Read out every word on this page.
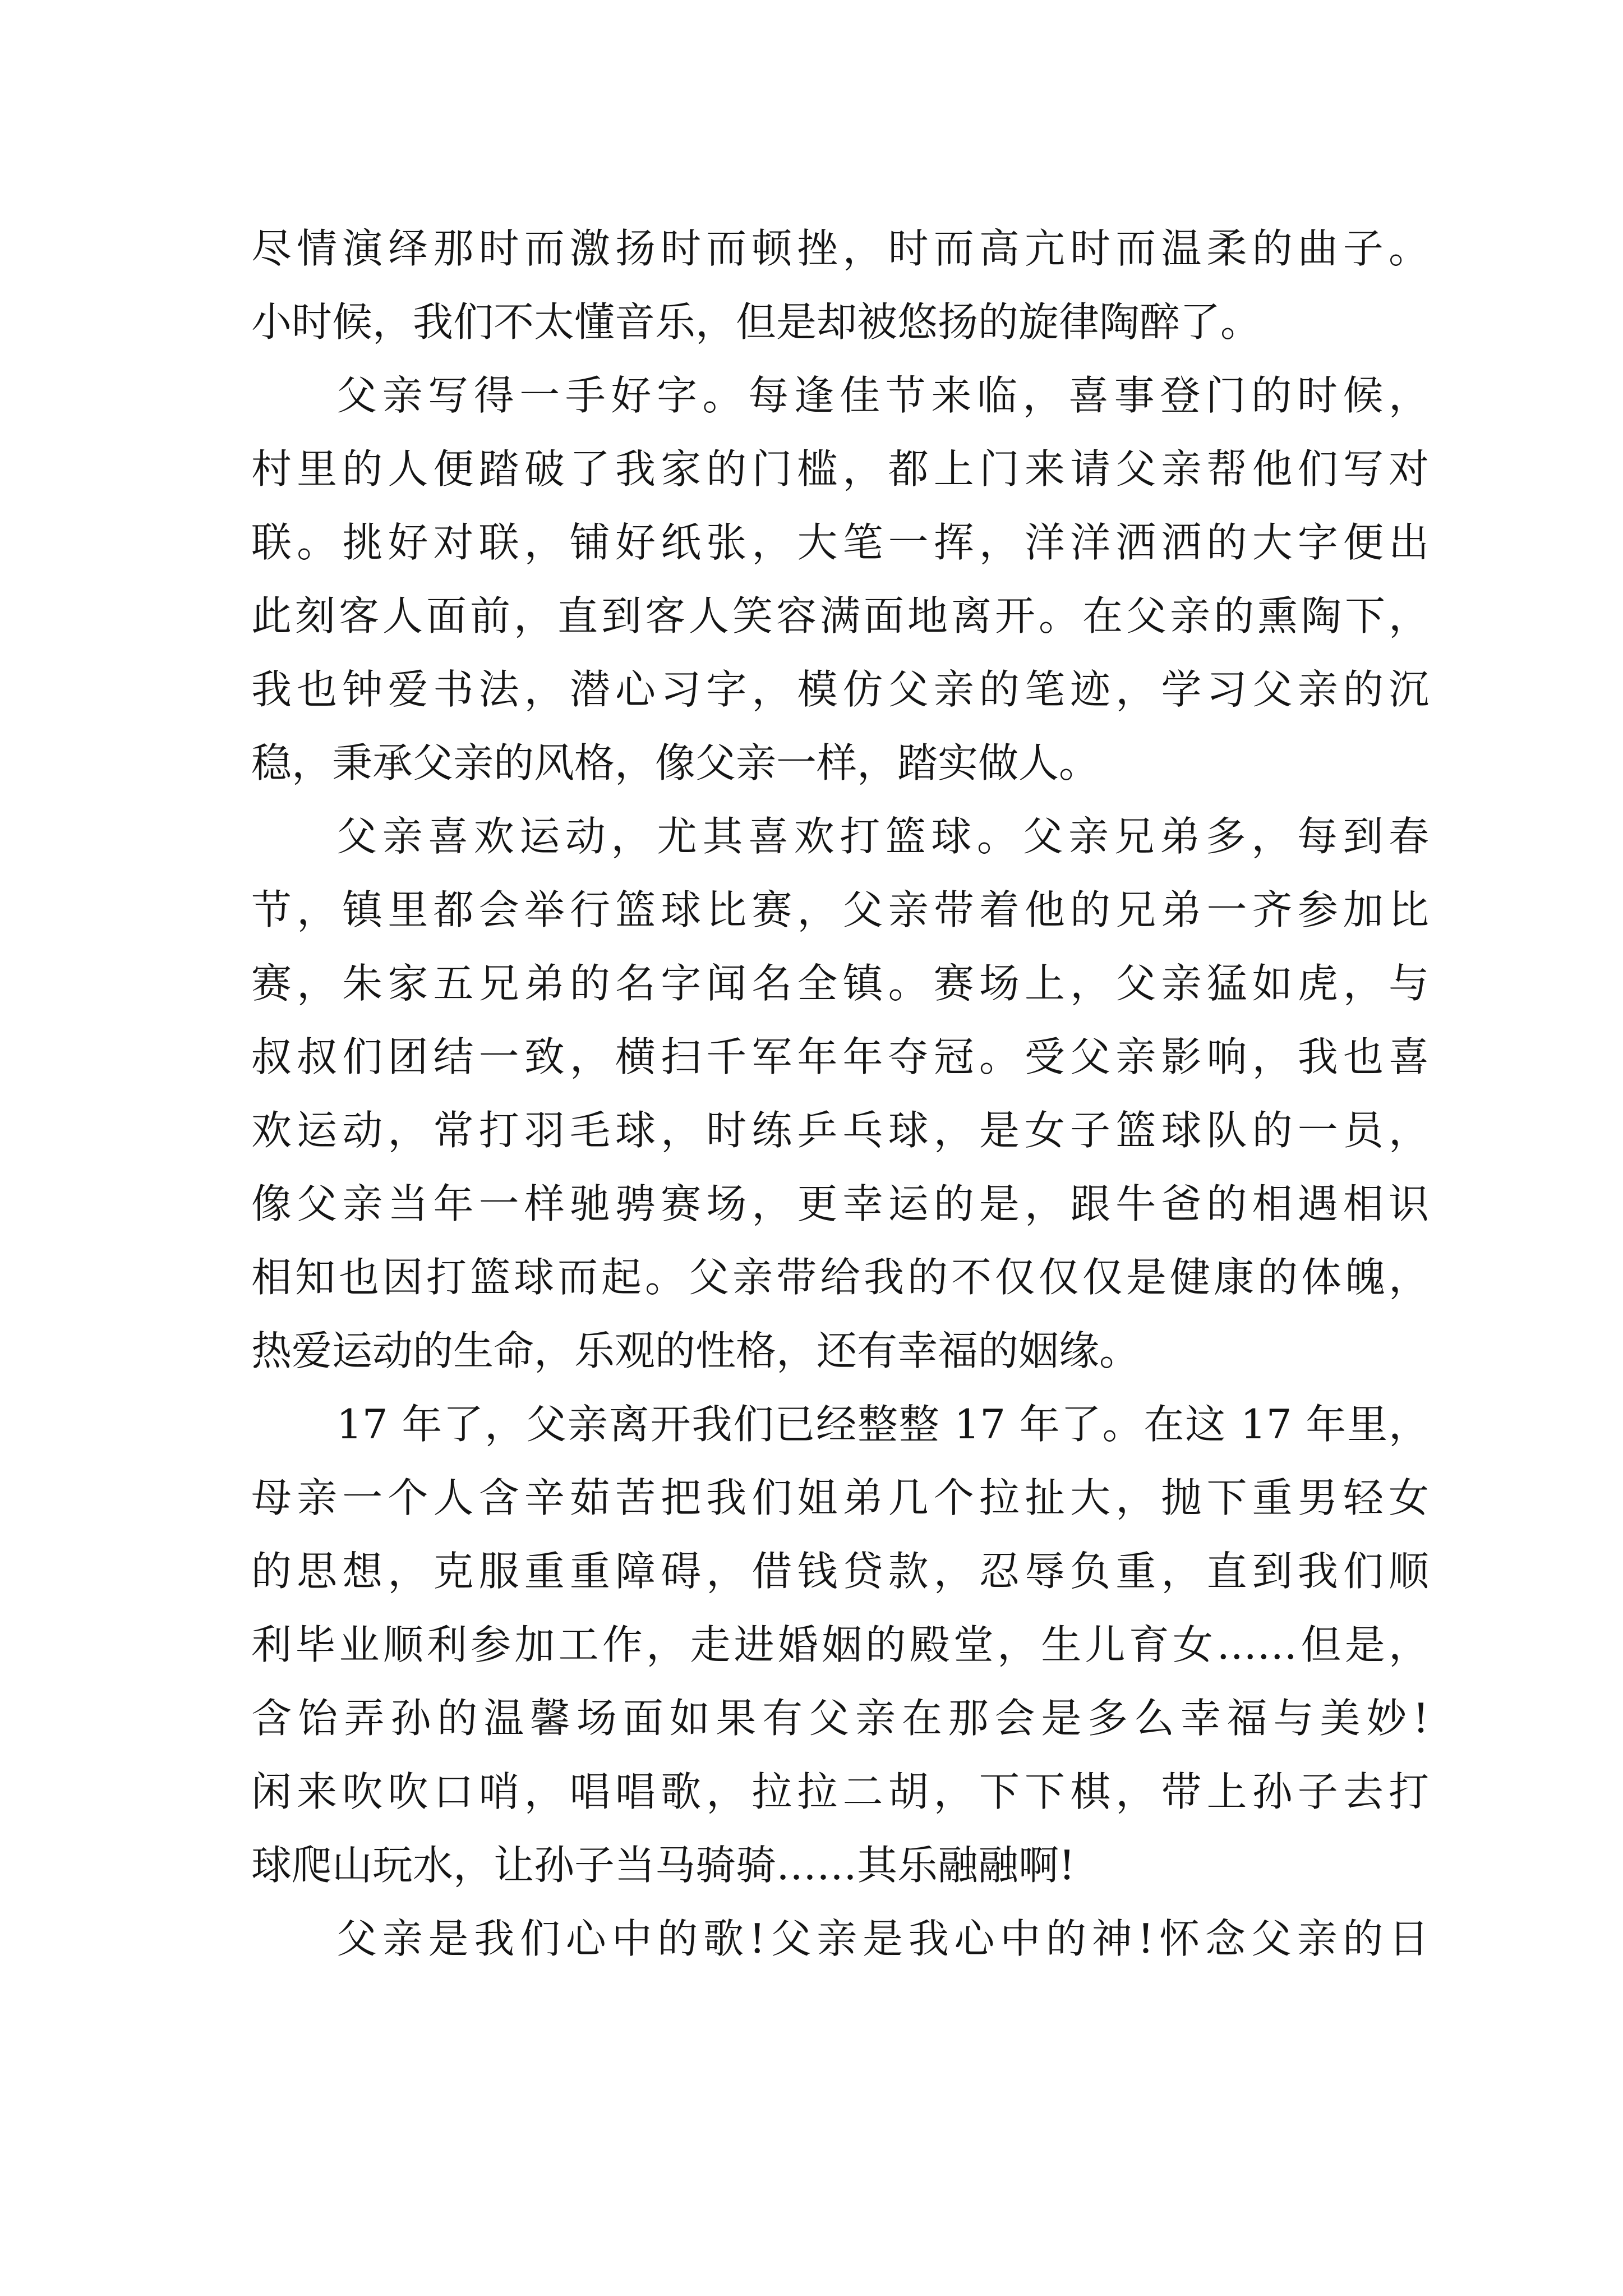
尽情演绎那时而激扬时而顿挫，时而高亢时而温柔的曲子。
小时候，我们不太懂音乐，但是却被悠扬的旋律陶醉了。
父亲写得一手好字。每逢佳节来临，喜事登门的时候，
村里的人便踏破了我家的门槛，都上门来请父亲帮他们写对
联。挑好对联，铺好纸张，大笔一挥，洋洋洒洒的大字便出
此刻客人面前，直到客人笑容满面地离开。在父亲的熏陶下，
我也钟爱书法，潜心习字，模仿父亲的笔迹，学习父亲的沉
稳，秉承父亲的风格，像父亲一样，踏实做人。
父亲喜欢运动，尤其喜欢打篮球。父亲兄弟多，每到春
节，镇里都会举行篮球比赛，父亲带着他的兄弟一齐参加比
赛，朱家五兄弟的名字闻名全镇。赛场上，父亲猛如虎，与
叔叔们团结一致，横扫千军年年夺冠。受父亲影响，我也喜
欢运动，常打羽毛球，时练乒乓球，是女子篮球队的一员，
像父亲当年一样驰骋赛场，更幸运的是，跟牛爸的相遇相识
相知也因打篮球而起。父亲带给我的不仅仅仅是健康的体魄，
热爱运动的生命，乐观的性格，还有幸福的姻缘。
17 年了，父亲离开我们已经整整 17 年了。在这 17 年里，
母亲一个人含辛茹苦把我们姐弟几个拉扯大，抛下重男轻女
的思想，克服重重障碍，借钱贷款，忍辱负重，直到我们顺
利毕业顺利参加工作，走进婚姻的殿堂，生儿育女……但是，
含饴弄孙的温馨场面如果有父亲在那会是多么幸福与美妙!
闲来吹吹口哨，唱唱歌，拉拉二胡，下下棋，带上孙子去打
球爬山玩水，让孙子当马骑骑……其乐融融啊!
父亲是我们心中的歌!父亲是我心中的神!怀念父亲的日
